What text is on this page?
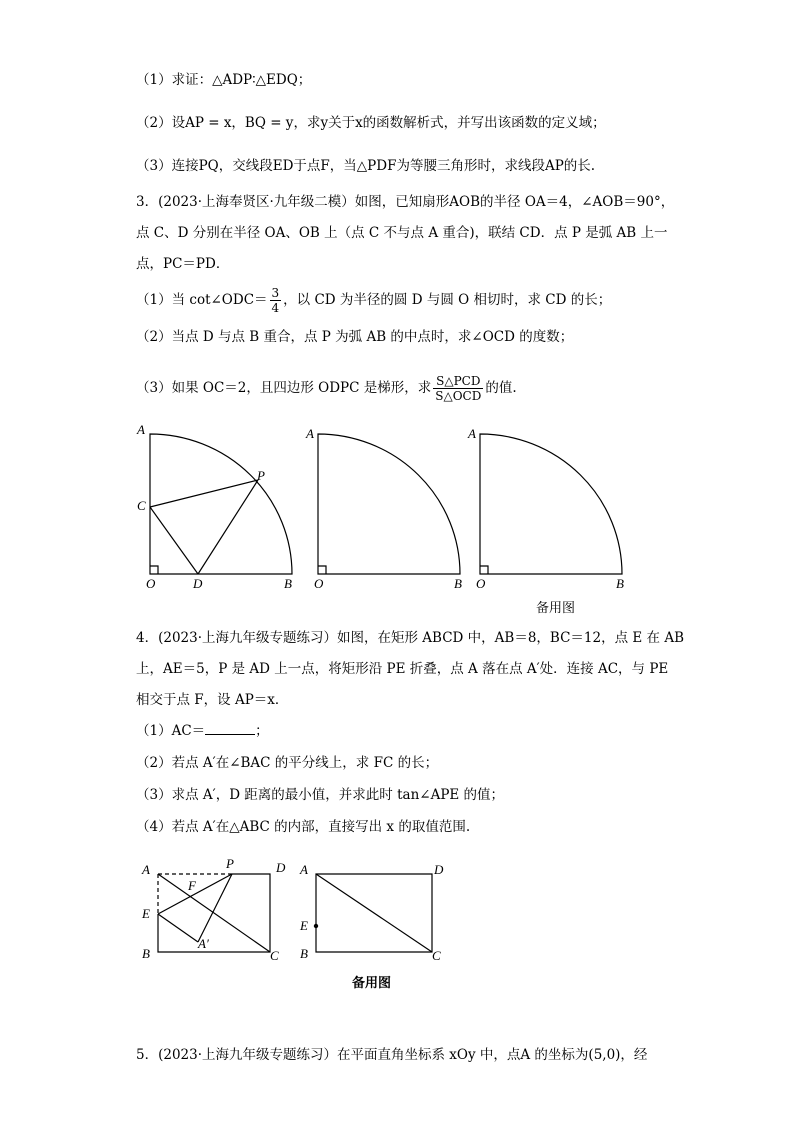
（1）求证：△ADP∶△EDQ；
（2）设AP = x，BQ = y，求y关于x的函数解析式，并写出该函数的定义域；
（3）连接PQ，交线段ED于点F，当△PDF为等腰三角形时，求线段AP的长.
3．(2023·上海奉贤区·九年级二模）如图，已知扇形AOB的半径 OA＝4，∠AOB＝90°，
点 C、D 分别在半径 OA、OB 上（点 C 不与点 A 重合)，联结 CD．点 P 是弧 AB 上一
点，PC＝PD．
（1）当 cot∠ODC＝ $\frac{3}{4}$ ，以 CD 为半径的圆 D 与圆 O 相切时，求 CD 的长；
（2）当点 D 与点 B 重合，点 P 为弧 AB 的中点时，求∠OCD 的度数；
（3）如果 OC＝2，且四边形 ODPC 是梯形，求 $\frac{\text{S△PCD}}{\text{S△OCD}}$ 的值.
A
C
O	D	B
P
A
O	B
A
O	B
备用图
4．(2023·上海九年级专题练习）如图，在矩形 ABCD 中，AB＝8，BC＝12，点 E 在 AB
上，AE＝5，P 是 AD 上一点，将矩形沿 PE 折叠，点 A 落在点 A′处．连接 AC，与 PE
相交于点 F，设 AP＝x．
（1）AC＝	；
（2）若点 A′在∠BAC 的平分线上，求 FC 的长；
（3）求点 A′，D 距离的最小值，并求此时 tan∠APE 的值；
（4）若点 A′在△ABC 的内部，直接写出 x 的取值范围.
A	P	D
F
E
B
A′
C
A	D
E
B	C
备用图
5．(2023·上海九年级专题练习）在平面直角坐标系 xOy 中，点A 的坐标为(5,0)，经
